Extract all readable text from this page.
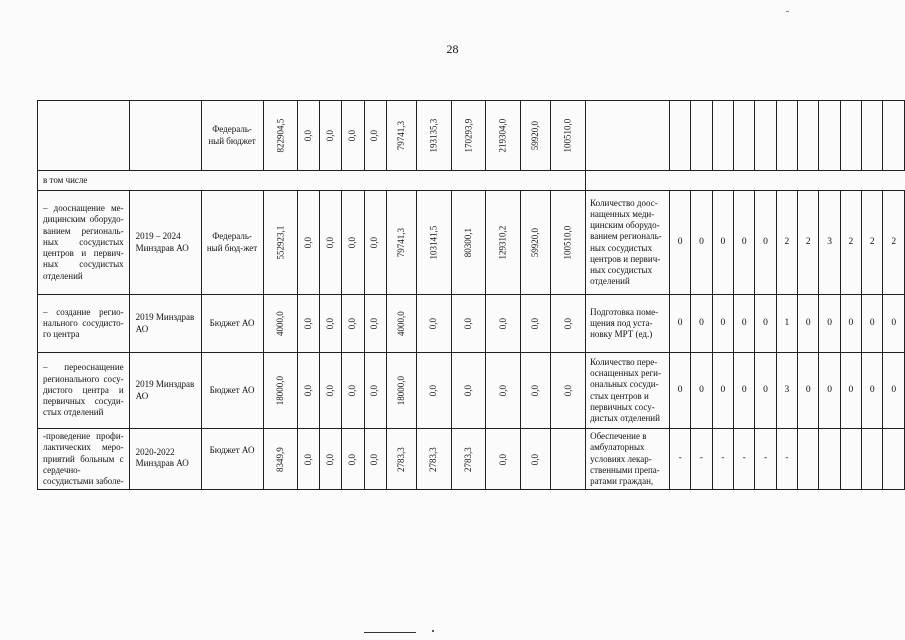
28
		Федераль-ный бюджет	822904,5	0,0	0,0	0,0	0,0	79741,3	193135,3	170293,9	219304,0	59920,0	100510,0												

в том числе																									
– дооснащение ме-дицинским оборудо-ванием региональ-ных сосудистых центров и первич-ных сосудистых отделений	2019 – 2024 Минздрав АО	Федераль-ный бюд-жет	552923,1	0,0	0,0	0,0	0,0	79741,3	103141,5	80300,1	129310,2	59920,0	100510,0	Количество доос-нащенных меди-цинским оборудо-ванием региональ-ных сосудистых центров и первич-ных сосудистых отделений	0	0	0	0	0	2	2	3	2	2	2
– создание регио-нального сосудисто-го центра	2019 Минздрав АО	Бюджет АО	4000,0	0,0	0,0	0,0	0,0	4000,0	0,0	0,0	0,0	0,0	0,0	Подготовка поме-щения под уста-новку МРТ (ед.)	0	0	0	0	0	1	0	0	0	0	0
– переоснащение регионального сосу-дистого центра и первичных сосуди-стых отделений	2019 Минздрав АО	Бюджет АО	18000,0	0,0	0,0	0,0	0,0	18000,0	0,0	0,0	0,0	0,0	0,0	Количество пере-оснащенных реги-ональных сосуди-стых центров и первичных сосу-дистых отделений	0	0	0	0	0	3	0	0	0	0	0
-проведение профи-лактических меро-приятий больным с сердечно-сосудистыми заболе-	2020-2022 Минздрав АО	Бюджет АО	8349,9	0,0	0,0	0,0	0,0	2783,3	2783,3	2783,3	0,0	0,0		Обеспечение в амбулаторных условиях лекар-ственными препа-ратами граждан,	-	-	-	-	-	-					
